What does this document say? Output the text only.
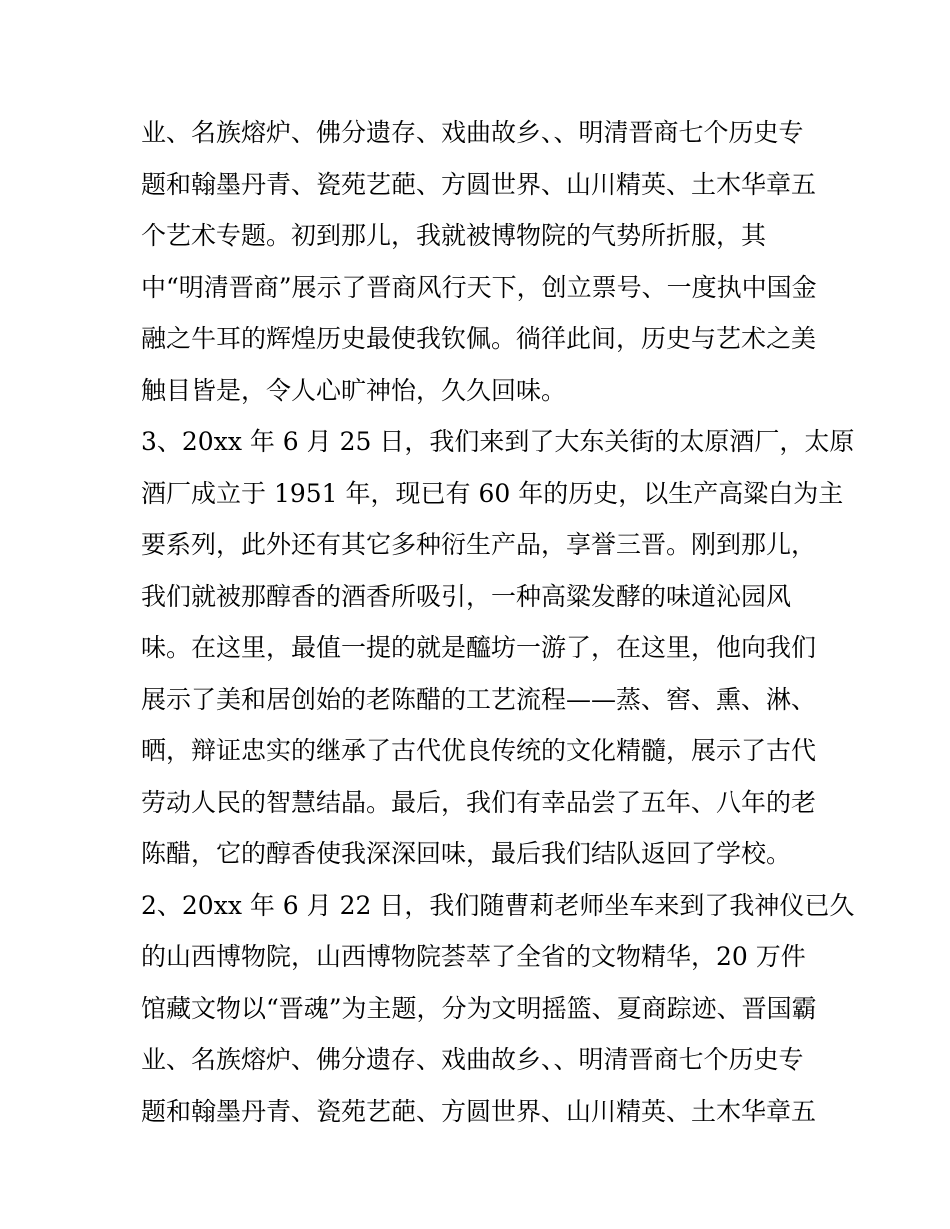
业、名族熔炉、佛分遗存、戏曲故乡、、明清晋商七个历史专
题和翰墨丹青、瓷苑艺葩、方圆世界、山川精英、土木华章五
个艺术专题。初到那儿，我就被博物院的气势所折服，其
中“明清晋商”展示了晋商风行天下，创立票号、一度执中国金
融之牛耳的辉煌历史最使我钦佩。徜徉此间，历史与艺术之美
触目皆是，令人心旷神怡，久久回味。
3、20xx 年 6 月 25 日，我们来到了大东关街的太原酒厂，太原
酒厂成立于 1951 年，现已有 60 年的历史，以生产高粱白为主
要系列，此外还有其它多种衍生产品，享誉三晋。刚到那儿，
我们就被那醇香的酒香所吸引，一种高粱发酵的味道沁园风
味。在这里，最值一提的就是醯坊一游了，在这里，他向我们
展示了美和居创始的老陈醋的工艺流程——蒸、窖、熏、淋、
晒，辩证忠实的继承了古代优良传统的文化精髓，展示了古代
劳动人民的智慧结晶。最后，我们有幸品尝了五年、八年的老
陈醋，它的醇香使我深深回味，最后我们结队返回了学校。
2、20xx 年 6 月 22 日，我们随曹莉老师坐车来到了我神仪已久
的山西博物院，山西博物院荟萃了全省的文物精华，20 万件
馆藏文物以“晋魂”为主题，分为文明摇篮、夏商踪迹、晋国霸
业、名族熔炉、佛分遗存、戏曲故乡、、明清晋商七个历史专
题和翰墨丹青、瓷苑艺葩、方圆世界、山川精英、土木华章五
